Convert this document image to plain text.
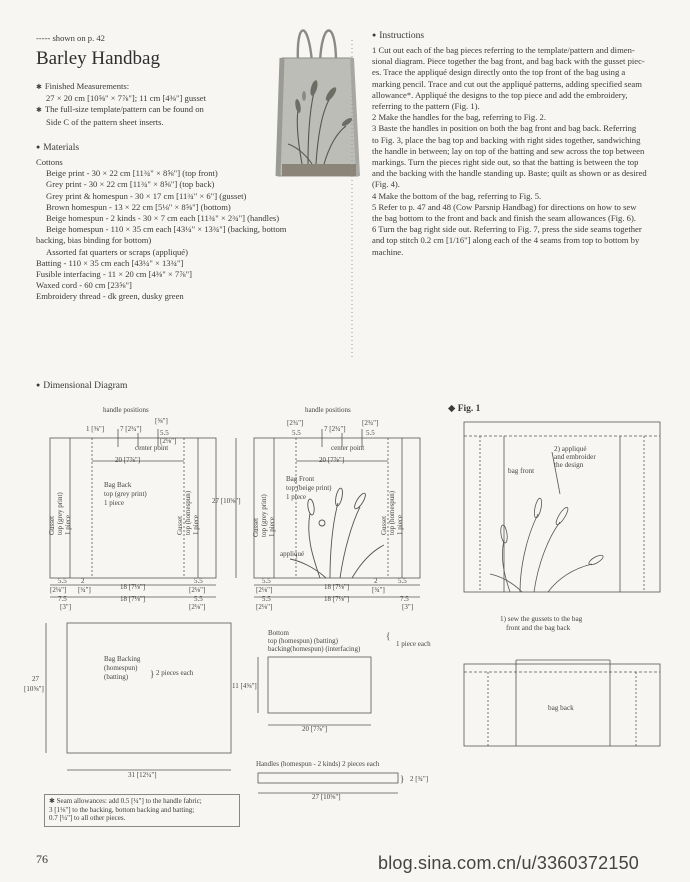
----- shown on p. 42
Barley Handbag
✱ Finished Measurements:
27 × 20 cm [10⅝" × 7⅞"]; 11 cm [4⅜"] gusset
✱ The full-size template/pattern can be found on
Side C of the pattern sheet inserts.
● Materials
Cottons
Beige print - 30 × 22 cm [11¾" × 8⅝"] (top front)
Grey print - 30 × 22 cm [11¾" × 8⅝"] (top back)
Grey print & homespun - 30 × 17 cm [11¾" × 6"] (gusset)
Brown homespun - 13 × 22 cm [5⅛" × 8⅝"] (bottom)
Beige homespun - 2 kinds - 30 × 7 cm each [11¾" × 2¾"] (handles)
Beige homespun - 110 × 35 cm each [43¼" × 13¾"] (backing, bottom
backing, bias binding for bottom)
Assorted fat quarters or scraps (appliqué)
Batting - 110 × 35 cm each [43¼" × 13¾"]
Fusible interfacing - 11 × 20 cm [4⅜" × 7⅞"]
Waxed cord - 60 cm [23⅝"]
Embroidery thread - dk green, dusky green
● Instructions
1 Cut out each of the bag pieces referring to the template/pattern and dimen-
sional diagram. Piece together the bag front, and bag back with the gusset piec-
es. Trace the appliqué design directly onto the top front of the bag using a
marking pencil. Trace and cut out the appliqué patterns, adding specified seam
allowance*. Appliqué the designs to the top piece and add the embroidery,
referring to the pattern (Fig. 1).
2 Make the handles for the bag, referring to Fig. 2.
3 Baste the handles in position on both the bag front and bag back. Referring
to Fig. 3, place the bag top and backing with right sides together, sandwiching
the handle in between; lay on top of the batting and sew across the top between
markings. Turn the pieces right side out, so that the batting is between the top
and the backing with the handle standing up. Baste; quilt as shown or as desired
(Fig. 4).
4 Make the bottom of the bag, referring to Fig. 5.
5 Refer to p. 47 and 48 (Cow Parsnip Handbag) for directions on how to sew
the bag bottom to the front and back and finish the seam allowances (Fig. 6).
6 Turn the bag right side out. Referring to Fig. 7, press the side seams together
and top stitch 0.2 cm [1/16"] along each of the 4 seams from top to bottom by
machine.
● Dimensional Diagram
handle positions	handle positions
center point	center point
1 [⅜"] 7 [2¾"]	5.5
[2⅛"]
[⅜"]	[2¾"]
5.5	7 [2¾"]
[2¾"]
5.5
20 [7⅞"]	20 [7⅞"]
27 [10⅝"]
Bag Back
top (grey print)
1 piece
Bag Front
top (beige print)
1 piece
appliqué
Gusset top (grey print) 1 piece	Gusset top (homespun) 1 piece	Gusset top (grey print) 1 piece	Gusset top (homespun) 1 piece
5.5
[2⅛"]
2
[¾"]	18 [7⅛"]
5.5
[2⅛"]
7.5
[3"]
18 [7⅛"]	5.5
[2⅛"]
5.5
[2⅛"]	18 [7⅛"]
2
[¾"]
5.5
5.5
[2⅛"]
18 [7⅛"]	7.5
[3"]
Bag Backing
(homespun)
(batting)	2 pieces each
27
[10⅝"]
31 [12¼"]
Bottom
top (homespun) (batting)
backing(homespun) (interfacing)
1 piece each
11 [4⅜"]
20 [7⅞"]
Handles (homespun - 2 kinds) 2 pieces each
2 [¾"]
27 [10⅝"]
{
}
}
✱ Seam allowances: add 0.5 [¼"] to the handle fabric;
3 [1⅛"] to the backing, bottom backing and batting;
0.7 [¼"] to all other pieces.
◆ Fig. 1
bag front
2) appliqué
and embroider
the design
1) sew the gussets to the bag
front and the bag back
bag back
76	blog.sina.com.cn/u/3360372150
